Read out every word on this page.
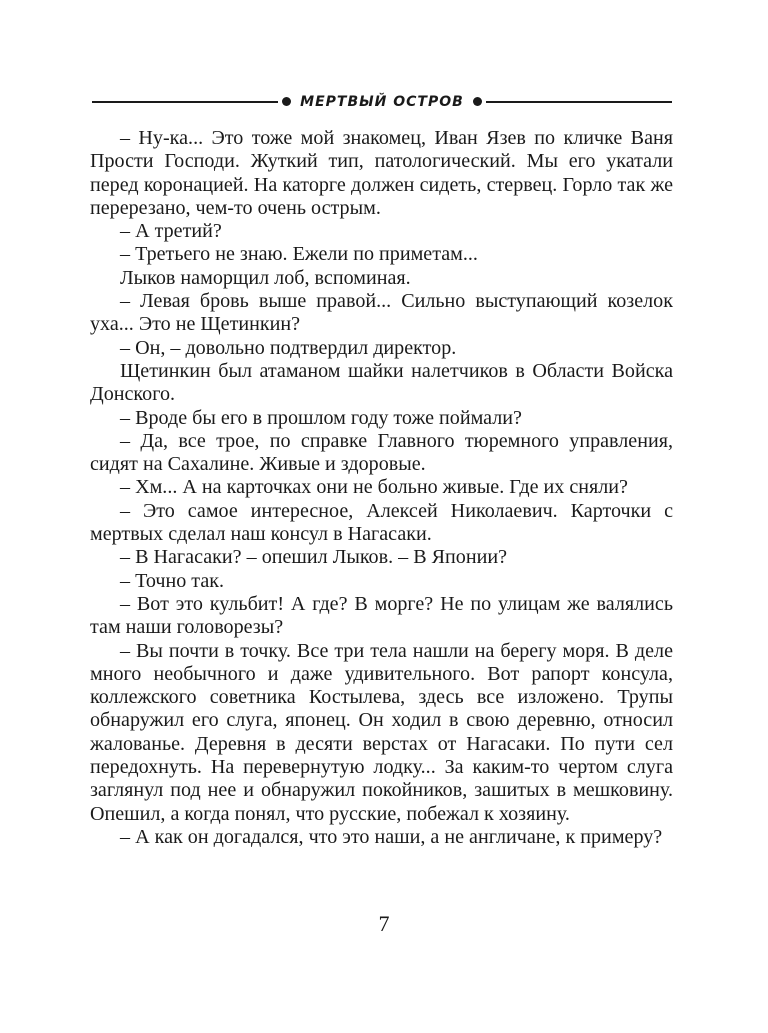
МЕРТВЫЙ ОСТРОВ

– Ну-ка... Это тоже мой знакомец, Иван Язев по кличке Ваня Прости Господи. Жуткий тип, патологический. Мы его укатали перед коронацией. На каторге должен сидеть, стервец. Горло так же перерезано, чем-то очень острым.

– А третий?

– Третьего не знаю. Ежели по приметам...

Лыков наморщил лоб, вспоминая.

– Левая бровь выше правой... Сильно выступающий козелок уха... Это не Щетинкин?

– Он, – довольно подтвердил директор.

Щетинкин был атаманом шайки налетчиков в Области Войска Донского.

– Вроде бы его в прошлом году тоже поймали?

– Да, все трое, по справке Главного тюремного управления, сидят на Сахалине. Живые и здоровые.

– Хм... А на карточках они не больно живые. Где их сняли?

– Это самое интересное, Алексей Николаевич. Карточки с мертвых сделал наш консул в Нагасаки.

– В Нагасаки? – опешил Лыков. – В Японии?

– Точно так.

– Вот это кульбит! А где? В морге? Не по улицам же валялись там наши головорезы?

– Вы почти в точку. Все три тела нашли на берегу моря. В деле много необычного и даже удивительного. Вот рапорт консула, коллежского советника Костылева, здесь все изложено. Трупы обнаружил его слуга, японец. Он ходил в свою деревню, относил жалованье. Деревня в десяти верстах от Нагасаки. По пути сел передохнуть. На перевернутую лодку... За каким-то чертом слуга заглянул под нее и обнаружил покойников, зашитых в мешковину. Опешил, а когда понял, что русские, побежал к хозяину.

– А как он догадался, что это наши, а не англичане, к примеру?

7
